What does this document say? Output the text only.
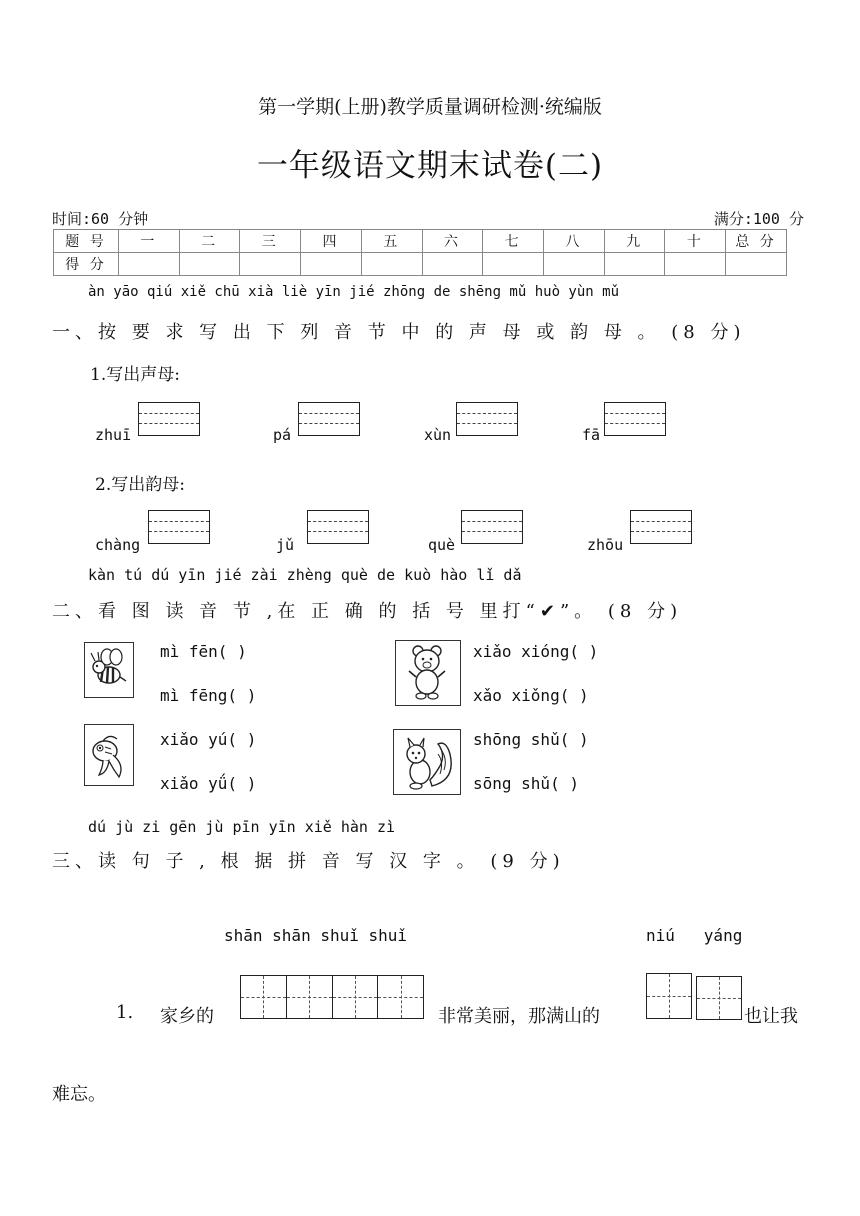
第一学期(上册)教学质量调研检测·统编版
一年级语文期末试卷(二)
时间:60 分钟	满分:100 分
题 号	一	二	三	四	五	六	七	八	九	十	总 分
得 分											
àn yāo qiú xiě chū xià liè yīn jié zhōng de shēng mǔ huò yùn mǔ
一、按 要 求 写 出 下 列 音 节 中 的 声 母 或 韵 母 。 (8 分)
1.写出声母:
zhuī	pá	xùn	fā
2.写出韵母:
chàng	jǔ	què	zhōu
kàn tú dú yīn jié zài zhèng què de kuò hào lǐ dǎ
二、看 图 读 音 节 ,在 正 确 的 括 号 里打“✔”。 (8 分)
mì fēn( )
mì fēng( )
xiǎo xióng( )
xǎo xiǒng( )
xiǎo yú( )
xiǎo yǘ( )
shōng shǔ( )
sōng shǔ( )
dú jù zi gēn jù pīn yīn xiě hàn zì
三、读 句 子 , 根 据 拼 音 写 汉 字 。 (9 分)
shān shān shuǐ shuǐ	niú   yáng
1. 家乡的	非常美丽，那满山的	也让我
难忘。
